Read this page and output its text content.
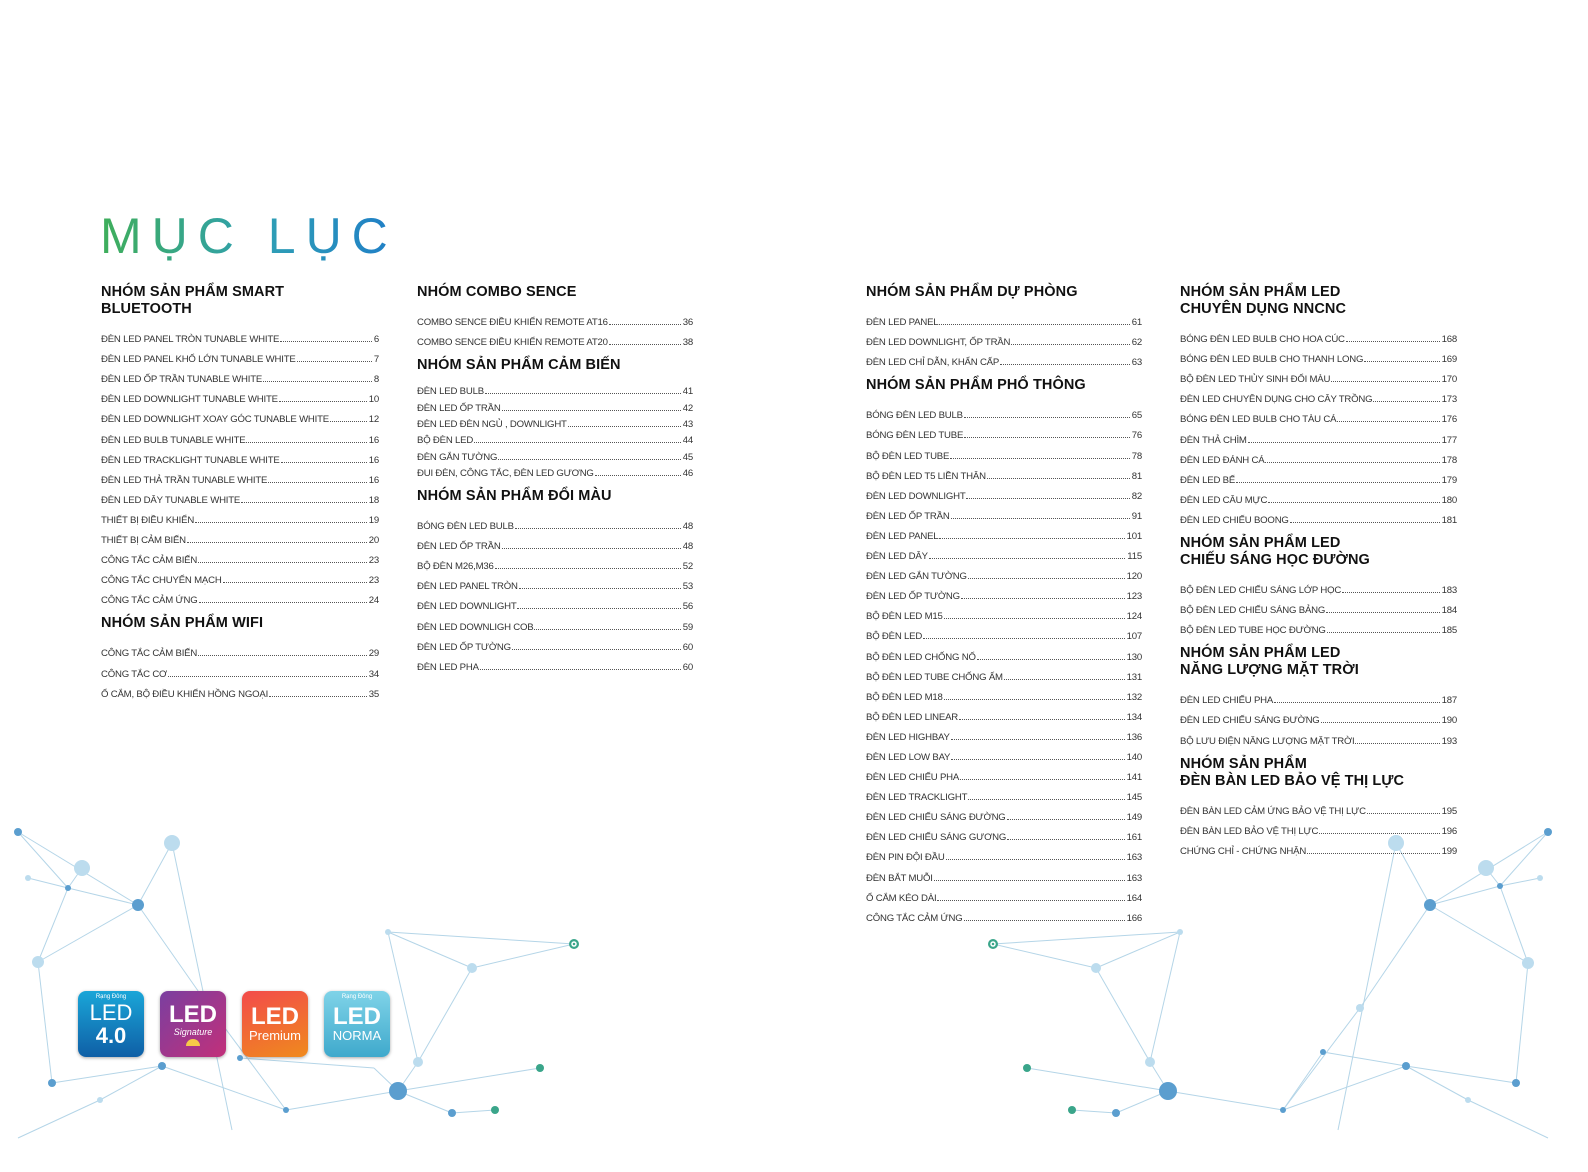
MỤC LỤC
NHÓM SẢN PHẨM SMART BLUETOOTH
ĐÈN LED PANEL TRÒN TUNABLE WHITE	6
ĐÈN LED PANEL KHỔ LỚN TUNABLE WHITE	7
ĐÈN LED ỐP TRẦN TUNABLE WHITE	8
ĐÈN LED DOWNLIGHT TUNABLE WHITE	10
ĐÈN LED DOWNLIGHT XOAY GÓC TUNABLE WHITE	12
ĐÈN LED BULB TUNABLE WHITE	16
ĐÈN LED TRACKLIGHT TUNABLE WHITE	16
ĐÈN LED THẢ TRẦN TUNABLE WHITE	16
ĐÈN LED DÂY TUNABLE WHITE	18
THIẾT BỊ ĐIỀU KHIỂN	19
THIẾT BỊ CẢM BIẾN	20
CÔNG TẮC CẢM BIẾN	23
CÔNG TẮC CHUYỂN MẠCH	23
CÔNG TẮC CẢM ỨNG	24
NHÓM SẢN PHẨM WIFI
CÔNG TẮC CẢM BIẾN	29
CÔNG TẮC CƠ	34
Ổ CẮM, BỘ ĐIỀU KHIỂN HỒNG NGOẠI	35
NHÓM COMBO SENCE
COMBO SENCE ĐIỀU KHIỂN REMOTE AT16	36
COMBO SENCE ĐIỀU KHIỂN REMOTE AT20	38
NHÓM SẢN PHẨM CẢM BIẾN
ĐÈN LED BULB	41
ĐÈN LED ỐP TRẦN	42
ĐÈN LED ĐÈN NGỦ , DOWNLIGHT	43
BỘ ĐÈN LED	44
ĐÈN GẮN TƯỜNG	45
ĐUI ĐÈN, CÔNG TẮC, ĐÈN LED GƯƠNG	46
NHÓM SẢN PHẨM ĐỔI MÀU
BÓNG ĐÈN LED BULB	48
ĐÈN LED ỐP TRẦN	48
BỘ ĐÈN M26,M36	52
ĐÈN LED PANEL TRÒN	53
ĐÈN LED DOWNLIGHT	56
ĐÈN LED DOWNLIGH COB	59
ĐÈN LED ỐP TƯỜNG	60
ĐÈN LED PHA	60
NHÓM SẢN PHẨM DỰ PHÒNG
ĐÈN LED PANEL	61
ĐÈN LED DOWNLIGHT, ỐP TRẦN	62
ĐÈN LED CHỈ DẪN, KHẨN CẤP	63
NHÓM SẢN PHẨM PHỔ THÔNG
BÓNG ĐÈN LED BULB	65
BÓNG ĐÈN LED TUBE	76
BỘ ĐÈN LED TUBE	78
BỘ ĐÈN LED T5 LIỀN THÂN	81
ĐÈN LED DOWNLIGHT	82
ĐÈN LED ỐP TRẦN	91
ĐÈN LED PANEL	101
ĐÈN LED DÂY	115
ĐÈN LED GẮN TƯỜNG	120
ĐÈN LED ỐP TƯỜNG	123
BỘ ĐÈN LED M15	124
BỘ ĐÈN LED	107
BỘ ĐÈN LED CHỐNG NỔ	130
BỘ ĐÈN LED TUBE CHỐNG ẨM	131
BỘ ĐÈN LED M18	132
BỘ ĐÈN LED LINEAR	134
ĐÈN LED HIGHBAY	136
ĐÈN LED LOW BAY	140
ĐÈN LED CHIẾU PHA	141
ĐÈN LED TRACKLIGHT	145
ĐÈN LED CHIẾU SÁNG ĐƯỜNG	149
ĐÈN LED CHIẾU SÁNG GƯƠNG	161
ĐÈN PIN ĐỘI ĐẦU	163
ĐÈN BẮT MUỖI	163
Ổ CẮM KÉO DÀI	164
CÔNG TẮC CẢM ỨNG	166
NHÓM SẢN PHẨM LED
CHUYÊN DỤNG NNCNC
BÓNG ĐÈN LED BULB CHO HOA CÚC	168
BÓNG ĐÈN LED BULB CHO THANH LONG	169
BỘ ĐÈN LED THỦY SINH ĐỔI MÀU	170
ĐÈN LED CHUYÊN DỤNG CHO CÂY TRỒNG	173
BÓNG ĐÈN LED BULB CHO TÀU CÁ	176
ĐÈN THẢ CHÌM	177
ĐÈN LED ĐÁNH CÁ	178
ĐÈN LED BẾ	179
ĐÈN LED CÂU MỰC	180
ĐÈN LED CHIẾU BOONG	181
NHÓM SẢN PHẨM LED
CHIẾU SÁNG HỌC ĐƯỜNG
BỘ ĐÈN LED CHIẾU SÁNG LỚP HỌC	183
BỘ ĐÈN LED CHIẾU SÁNG BẢNG	184
BỘ ĐÈN LED TUBE HỌC ĐƯỜNG	185
NHÓM SẢN PHẨM LED
NĂNG LƯỢNG MẶT TRỜI
ĐÈN LED CHIẾU PHA	187
ĐÈN LED CHIẾU SÁNG ĐƯỜNG	190
BỘ LƯU ĐIỆN NĂNG LƯỢNG MẶT TRỜI	193
NHÓM SẢN PHẨM
ĐÈN BÀN LED BẢO VỆ THỊ LỰC
ĐÈN BÀN LED CẢM ỨNG BẢO VỆ THỊ LỰC	195
ĐÈN BÀN LED BẢO VỆ THỊ LỰC	196
CHỨNG CHỈ - CHỨNG NHẬN	199
Rạng Đông
LED
4.0
LED
Signature
LED
Premium
Rạng Đông
LED
NORMA
